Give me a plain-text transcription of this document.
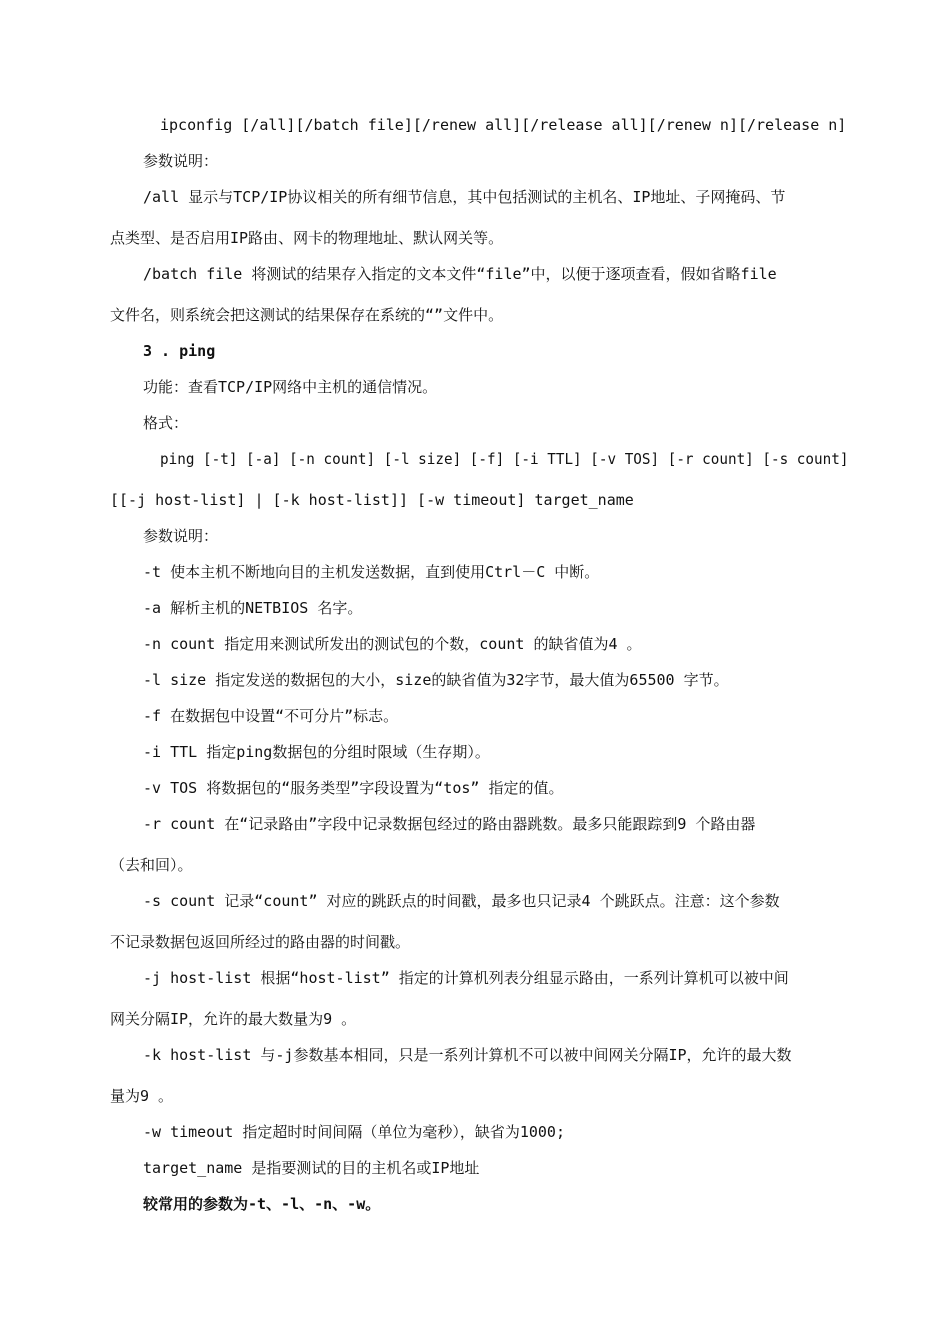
ipconfig [/all][/batch file][/renew all][/release all][/renew n][/release n]
参数说明：
/all 显示与TCP/IP协议相关的所有细节信息，其中包括测试的主机名、IP地址、子网掩码、节
点类型、是否启用IP路由、网卡的物理地址、默认网关等。
/batch file 将测试的结果存入指定的文本文件“file”中，以便于逐项查看，假如省略file
文件名，则系统会把这测试的结果保存在系统的“”文件中。
3 . ping
功能：查看TCP/IP网络中主机的通信情况。
格式：
ping [-t] [-a] [-n count] [-l size] [-f] [-i TTL] [-v TOS] [-r count] [-s count]
[[-j host-list] | [-k host-list]] [-w timeout] target_name
参数说明：
-t 使本主机不断地向目的主机发送数据，直到使用Ctrl－C 中断。
-a 解析主机的NETBIOS 名字。
-n count 指定用来测试所发出的测试包的个数，count 的缺省值为4 。
-l size 指定发送的数据包的大小，size的缺省值为32字节，最大值为65500 字节。
-f 在数据包中设置“不可分片”标志。
-i TTL 指定ping数据包的分组时限域（生存期）。
-v TOS 将数据包的“服务类型”字段设置为“tos” 指定的值。
-r count 在“记录路由”字段中记录数据包经过的路由器跳数。最多只能跟踪到9 个路由器
（去和回）。
-s count 记录“count” 对应的跳跃点的时间戳，最多也只记录4 个跳跃点。注意：这个参数
不记录数据包返回所经过的路由器的时间戳。
-j host-list 根据“host-list” 指定的计算机列表分组显示路由，一系列计算机可以被中间
网关分隔IP，允许的最大数量为9 。
-k host-list 与-j参数基本相同，只是一系列计算机不可以被中间网关分隔IP，允许的最大数
量为9 。
-w timeout 指定超时时间间隔（单位为毫秒），缺省为1000;
target_name 是指要测试的目的主机名或IP地址
较常用的参数为-t、-l、-n、-w。
